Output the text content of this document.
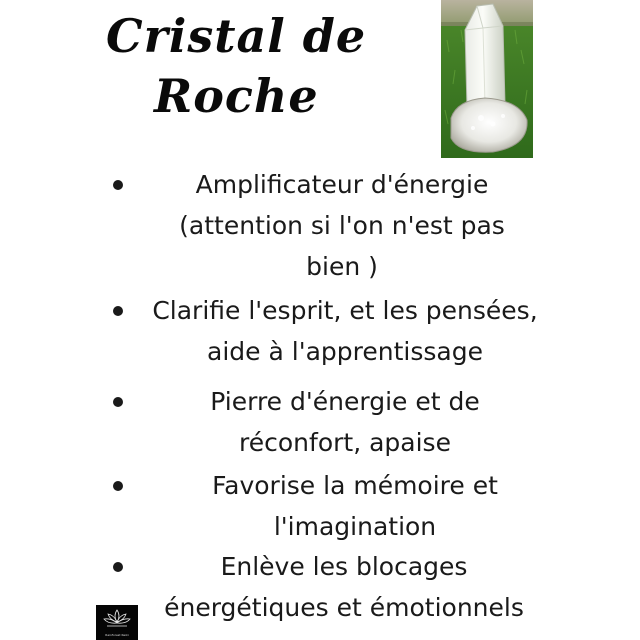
Cristal de
Roche
Amplificateur d'énergie
(attention si l'on n'est pas
bien )
Clarifie l'esprit, et les pensées,
aide à l'apprentissage
Pierre d'énergie et de
réconfort, apaise
Favorise la mémoire et
l'imagination
Enlève les blocages
énergétiques et émotionnels
Rainforest Reiki
